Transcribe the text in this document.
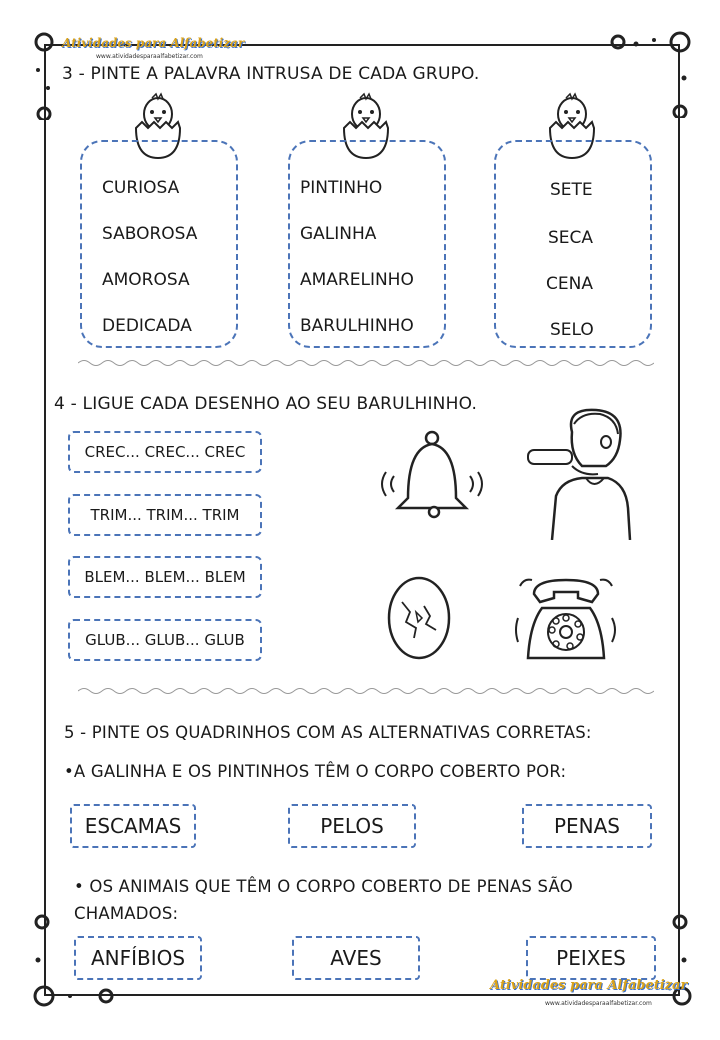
Atividades para Alfabetizar
www.atividadesparaalfabetizar.com
Atividades para Alfabetizar
www.atividadesparaalfabetizar.com
3 - PINTE A PALAVRA INTRUSA DE CADA GRUPO.
CURIOSA
SABOROSA
AMOROSA
DEDICADA
PINTINHO
GALINHA
AMARELINHO
BARULHINHO
SETE
SECA
CENA
SELO
4 - LIGUE CADA DESENHO AO SEU BARULHINHO.
CREC... CREC... CREC
TRIM... TRIM... TRIM
BLEM... BLEM... BLEM
GLUB... GLUB... GLUB
5 - PINTE OS QUADRINHOS COM AS ALTERNATIVAS CORRETAS:
•A GALINHA E OS PINTINHOS TÊM O CORPO COBERTO POR:
ESCAMAS	PELOS	PENAS
• OS ANIMAIS QUE TÊM O CORPO COBERTO DE PENAS SÃO
CHAMADOS:
ANFÍBIOS	AVES	PEIXES
